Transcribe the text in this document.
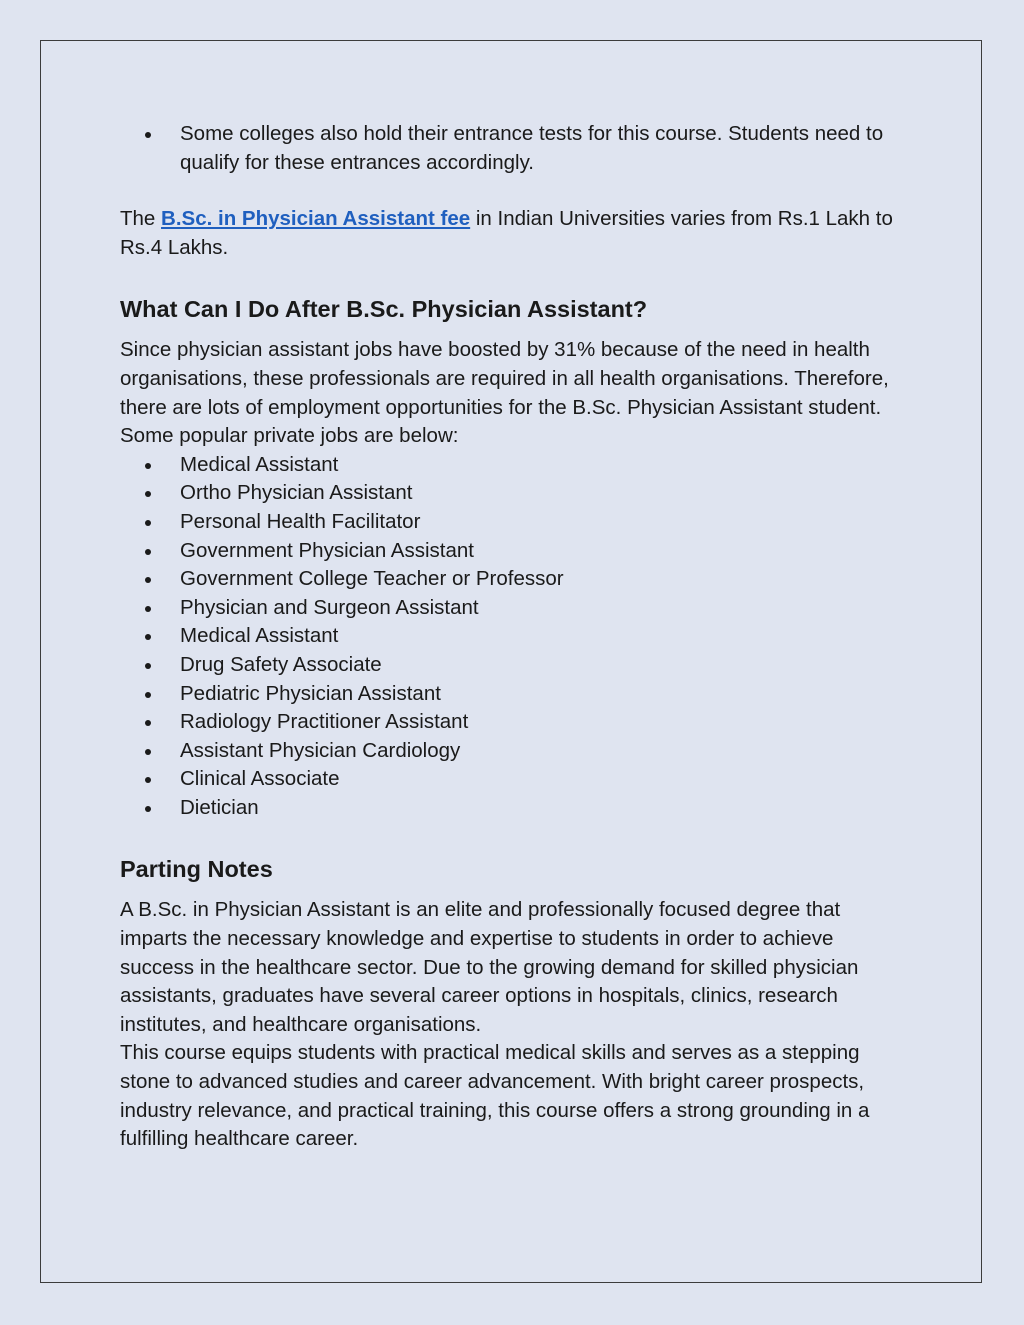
Some colleges also hold their entrance tests for this course. Students need to qualify for these entrances accordingly.

The B.Sc. in Physician Assistant fee in Indian Universities varies from Rs.1 Lakh to Rs.4 Lakhs.

What Can I Do After B.Sc. Physician Assistant?

Since physician assistant jobs have boosted by 31% because of the need in health organisations, these professionals are required in all health organisations. Therefore, there are lots of employment opportunities for the B.Sc. Physician Assistant student. Some popular private jobs are below:

Medical Assistant
Ortho Physician Assistant
Personal Health Facilitator
Government Physician Assistant
Government College Teacher or Professor
Physician and Surgeon Assistant
Medical Assistant
Drug Safety Associate
Pediatric Physician Assistant
Radiology Practitioner Assistant
Assistant Physician Cardiology
Clinical Associate
Dietician
Parting Notes

A B.Sc. in Physician Assistant is an elite and professionally focused degree that imparts the necessary knowledge and expertise to students in order to achieve success in the healthcare sector. Due to the growing demand for skilled physician assistants, graduates have several career options in hospitals, clinics, research institutes, and healthcare organisations.

This course equips students with practical medical skills and serves as a stepping stone to advanced studies and career advancement. With bright career prospects, industry relevance, and practical training, this course offers a strong grounding in a fulfilling healthcare career.
